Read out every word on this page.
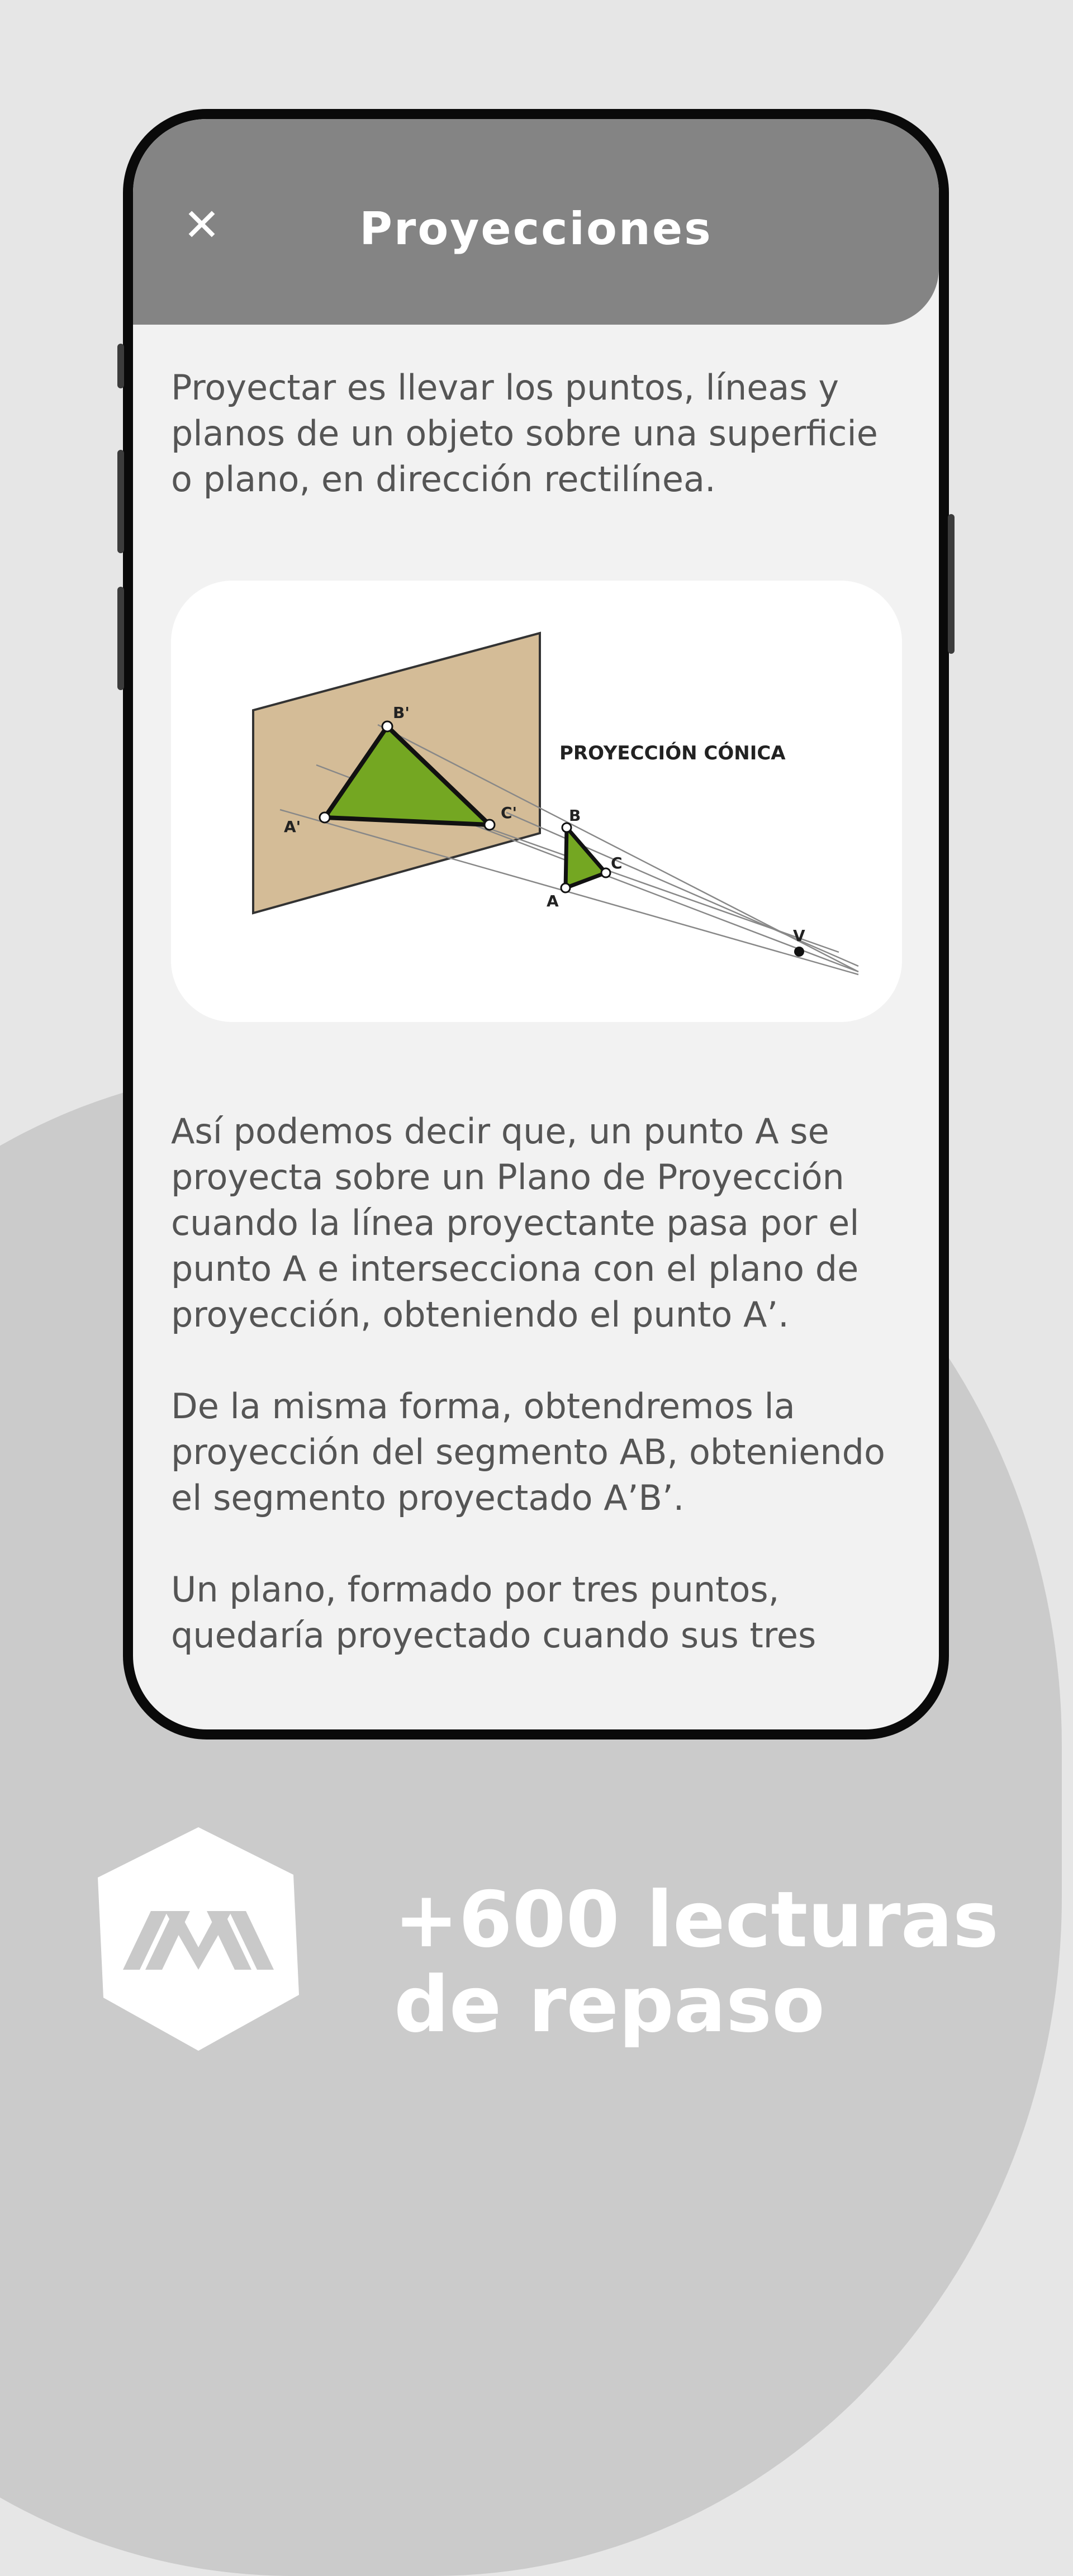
✕	Proyecciones

Proyectar es llevar los puntos, líneas y planos de un objeto sobre una superficie o plano, en dirección rectilínea.

PROYECCIÓN CÓNICA
B'
A'
C'	B
C
A
V

Así podemos decir que, un punto A se proyecta sobre un Plano de Proyección cuando la línea proyectante pasa por el punto A e intersecciona con el plano de proyección, obteniendo el punto A’.

De la misma forma, obtendremos la proyección del segmento AB, obteniendo el segmento proyectado A’B’.

Un plano, formado por tres puntos, quedaría proyectado cuando sus tres

+600 lecturas
de repaso
